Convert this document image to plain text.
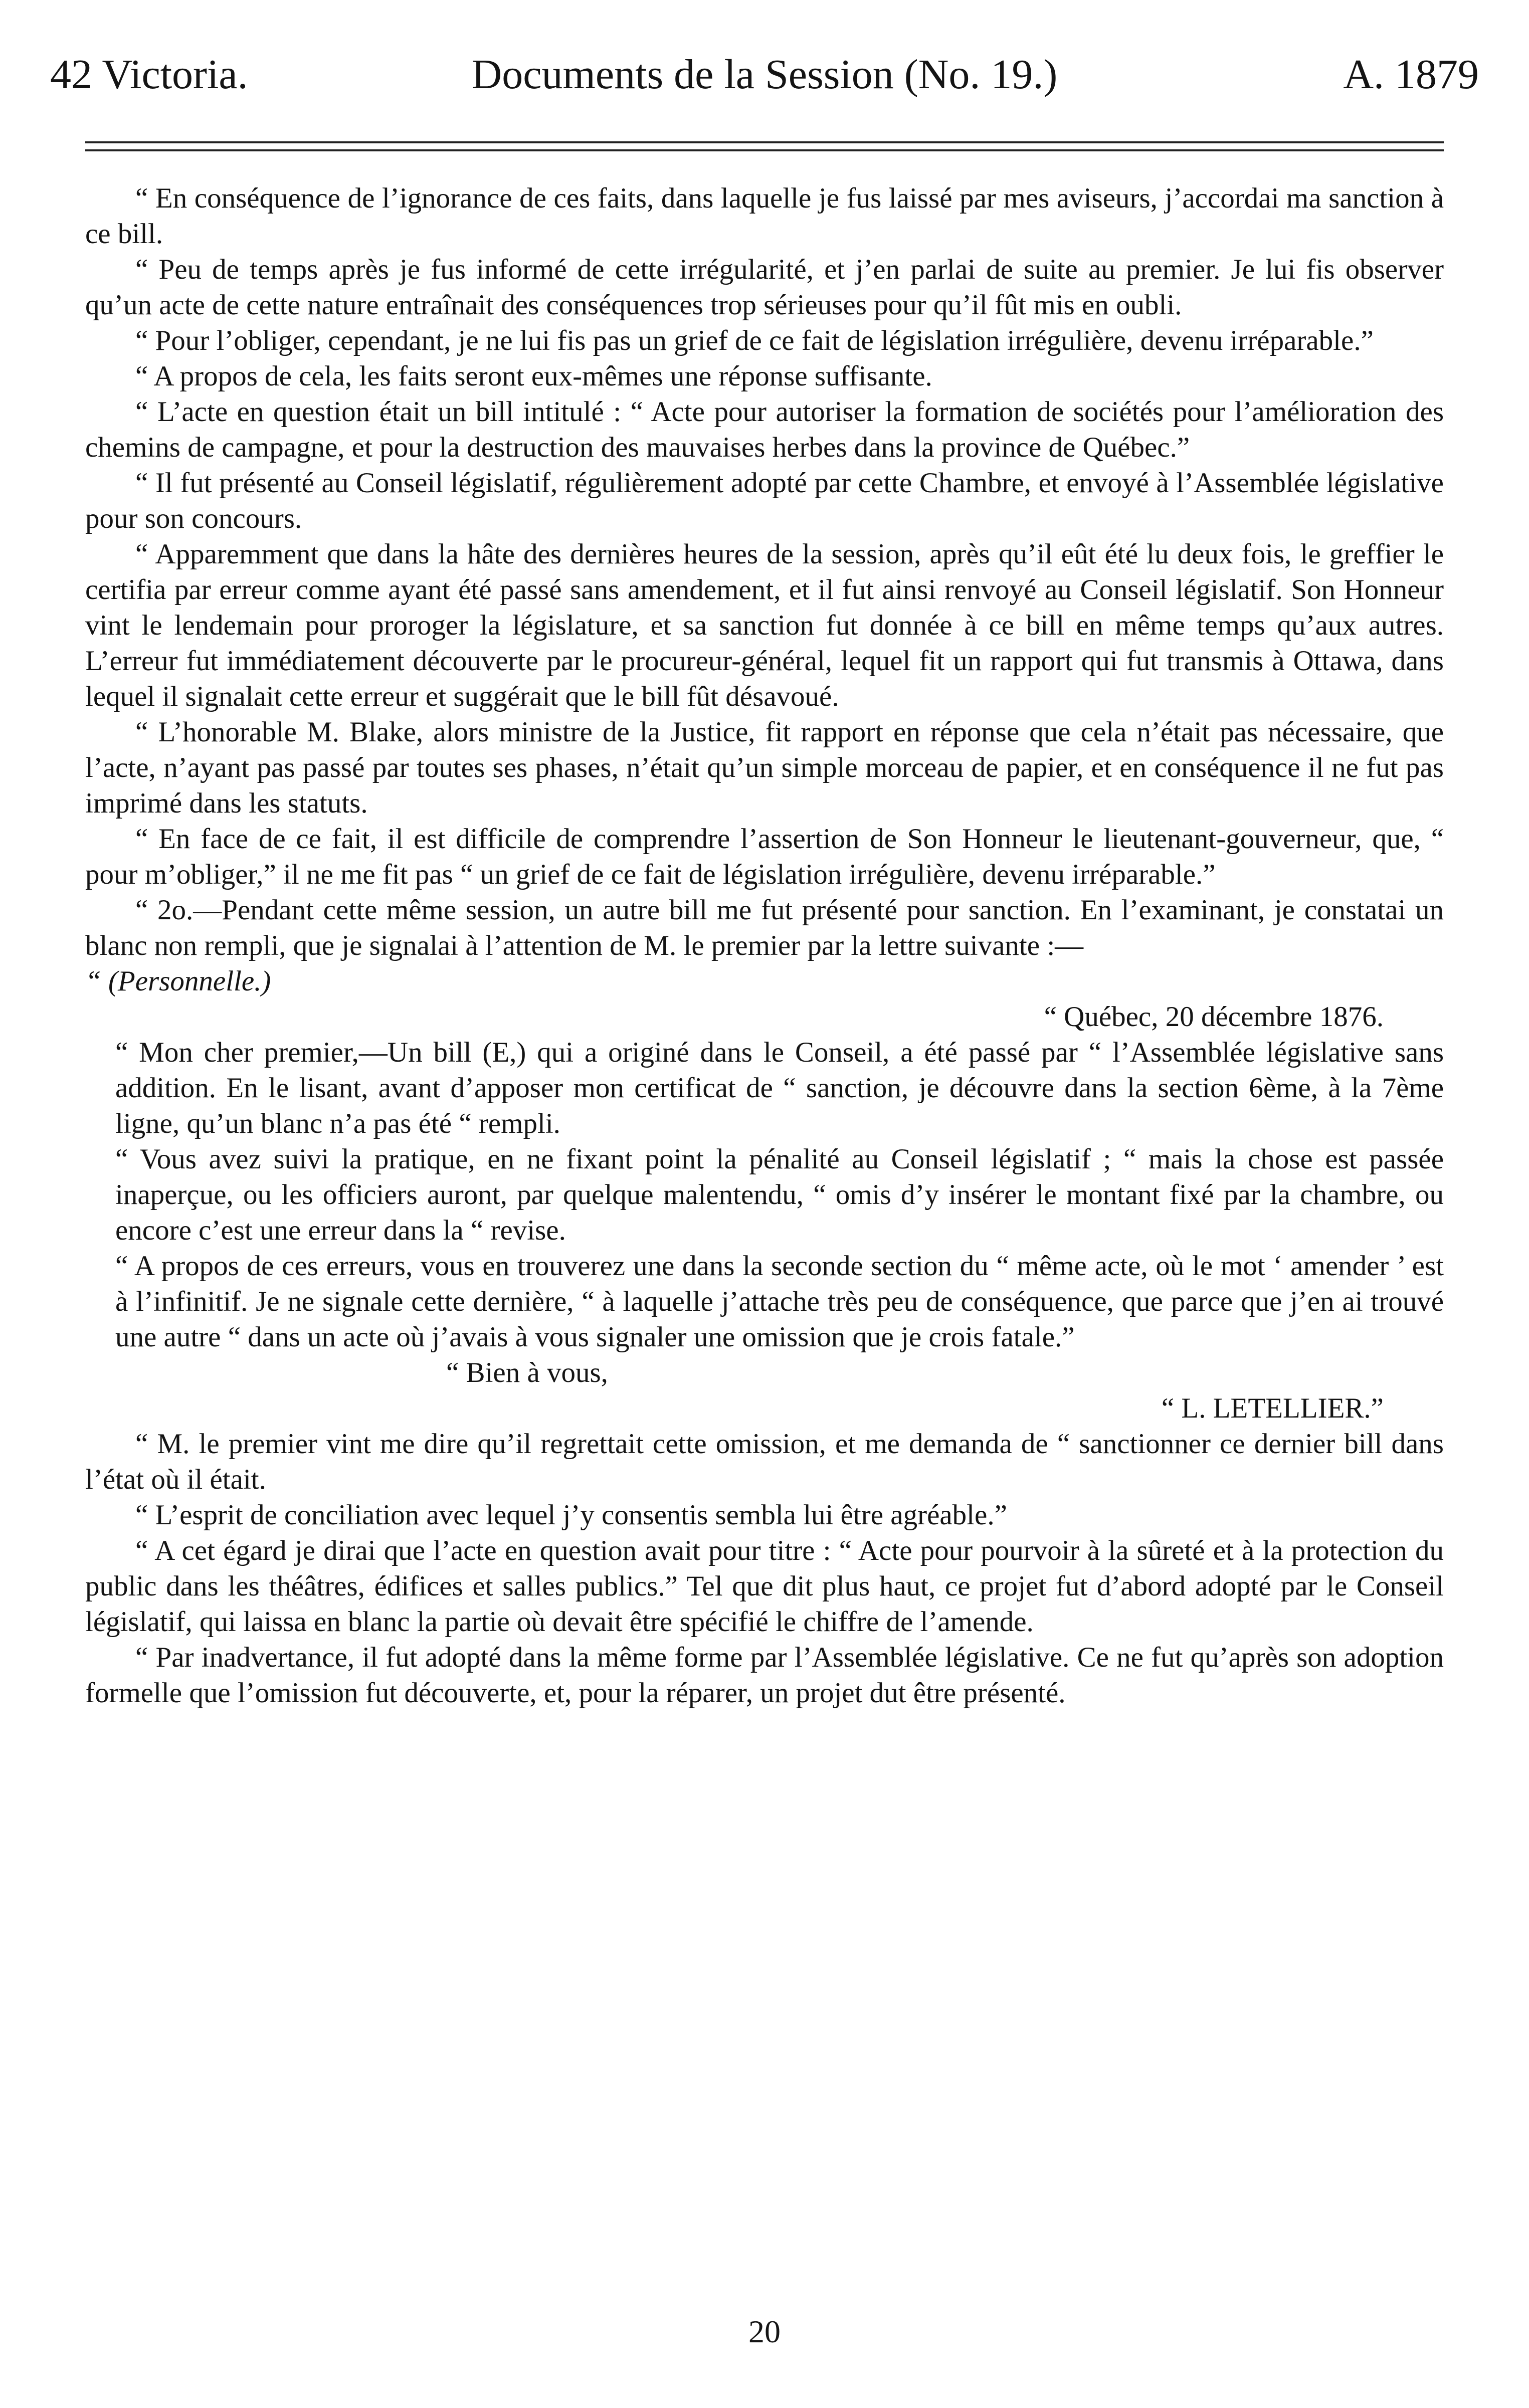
42 Victoria.	Documents de la Session (No. 19.)	A. 1879

“ En conséquence de l’ignorance de ces faits, dans laquelle je fus laissé par mes aviseurs, j’accordai ma sanction à ce bill.

“ Peu de temps après je fus informé de cette irrégularité, et j’en parlai de suite au premier. Je lui fis observer qu’un acte de cette nature entraînait des conséquences trop sérieuses pour qu’il fût mis en oubli.

“ Pour l’obliger, cependant, je ne lui fis pas un grief de ce fait de législation irrégulière, devenu irréparable.”

“ A propos de cela, les faits seront eux-mêmes une réponse suffisante.

“ L’acte en question était un bill intitulé : “ Acte pour autoriser la formation de sociétés pour l’amélioration des chemins de campagne, et pour la destruction des mauvaises herbes dans la province de Québec.”

“ Il fut présenté au Conseil législatif, régulièrement adopté par cette Chambre, et envoyé à l’Assemblée législative pour son concours.

“ Apparemment que dans la hâte des dernières heures de la session, après qu’il eût été lu deux fois, le greffier le certifia par erreur comme ayant été passé sans amendement, et il fut ainsi renvoyé au Conseil législatif. Son Honneur vint le lendemain pour proroger la législature, et sa sanction fut donnée à ce bill en même temps qu’aux autres. L’erreur fut immédiatement découverte par le procureur-général, lequel fit un rapport qui fut transmis à Ottawa, dans lequel il signalait cette erreur et suggérait que le bill fût désavoué.

“ L’honorable M. Blake, alors ministre de la Justice, fit rapport en réponse que cela n’était pas nécessaire, que l’acte, n’ayant pas passé par toutes ses phases, n’était qu’un simple morceau de papier, et en conséquence il ne fut pas imprimé dans les statuts.

“ En face de ce fait, il est difficile de comprendre l’assertion de Son Honneur le lieutenant-gouverneur, que, “ pour m’obliger,” il ne me fit pas “ un grief de ce fait de législation irrégulière, devenu irréparable.”

“ 2o.—Pendant cette même session, un autre bill me fut présenté pour sanction. En l’examinant, je constatai un blanc non rempli, que je signalai à l’attention de M. le premier par la lettre suivante :—

“ (Personnelle.)

“ Québec, 20 décembre 1876.

“ Mon cher premier,—Un bill (E,) qui a originé dans le Conseil, a été passé par “ l’Assemblée législative sans addition. En le lisant, avant d’apposer mon certificat de “ sanction, je découvre dans la section 6ème, à la 7ème ligne, qu’un blanc n’a pas été “ rempli.

“ Vous avez suivi la pratique, en ne fixant point la pénalité au Conseil législatif ; “ mais la chose est passée inaperçue, ou les officiers auront, par quelque malentendu, “ omis d’y insérer le montant fixé par la chambre, ou encore c’est une erreur dans la “ revise.

“ A propos de ces erreurs, vous en trouverez une dans la seconde section du “ même acte, où le mot ‘ amender ’ est à l’infinitif. Je ne signale cette dernière, “ à laquelle j’attache très peu de conséquence, que parce que j’en ai trouvé une autre “ dans un acte où j’avais à vous signaler une omission que je crois fatale.”

“ Bien à vous,

“ L. LETELLIER.”

“ M. le premier vint me dire qu’il regrettait cette omission, et me demanda de “ sanctionner ce dernier bill dans l’état où il était.

“ L’esprit de conciliation avec lequel j’y consentis sembla lui être agréable.”

“ A cet égard je dirai que l’acte en question avait pour titre : “ Acte pour pourvoir à la sûreté et à la protection du public dans les théâtres, édifices et salles publics.” Tel que dit plus haut, ce projet fut d’abord adopté par le Conseil législatif, qui laissa en blanc la partie où devait être spécifié le chiffre de l’amende.

“ Par inadvertance, il fut adopté dans la même forme par l’Assemblée législative. Ce ne fut qu’après son adoption formelle que l’omission fut découverte, et, pour la réparer, un projet dut être présenté.

20
